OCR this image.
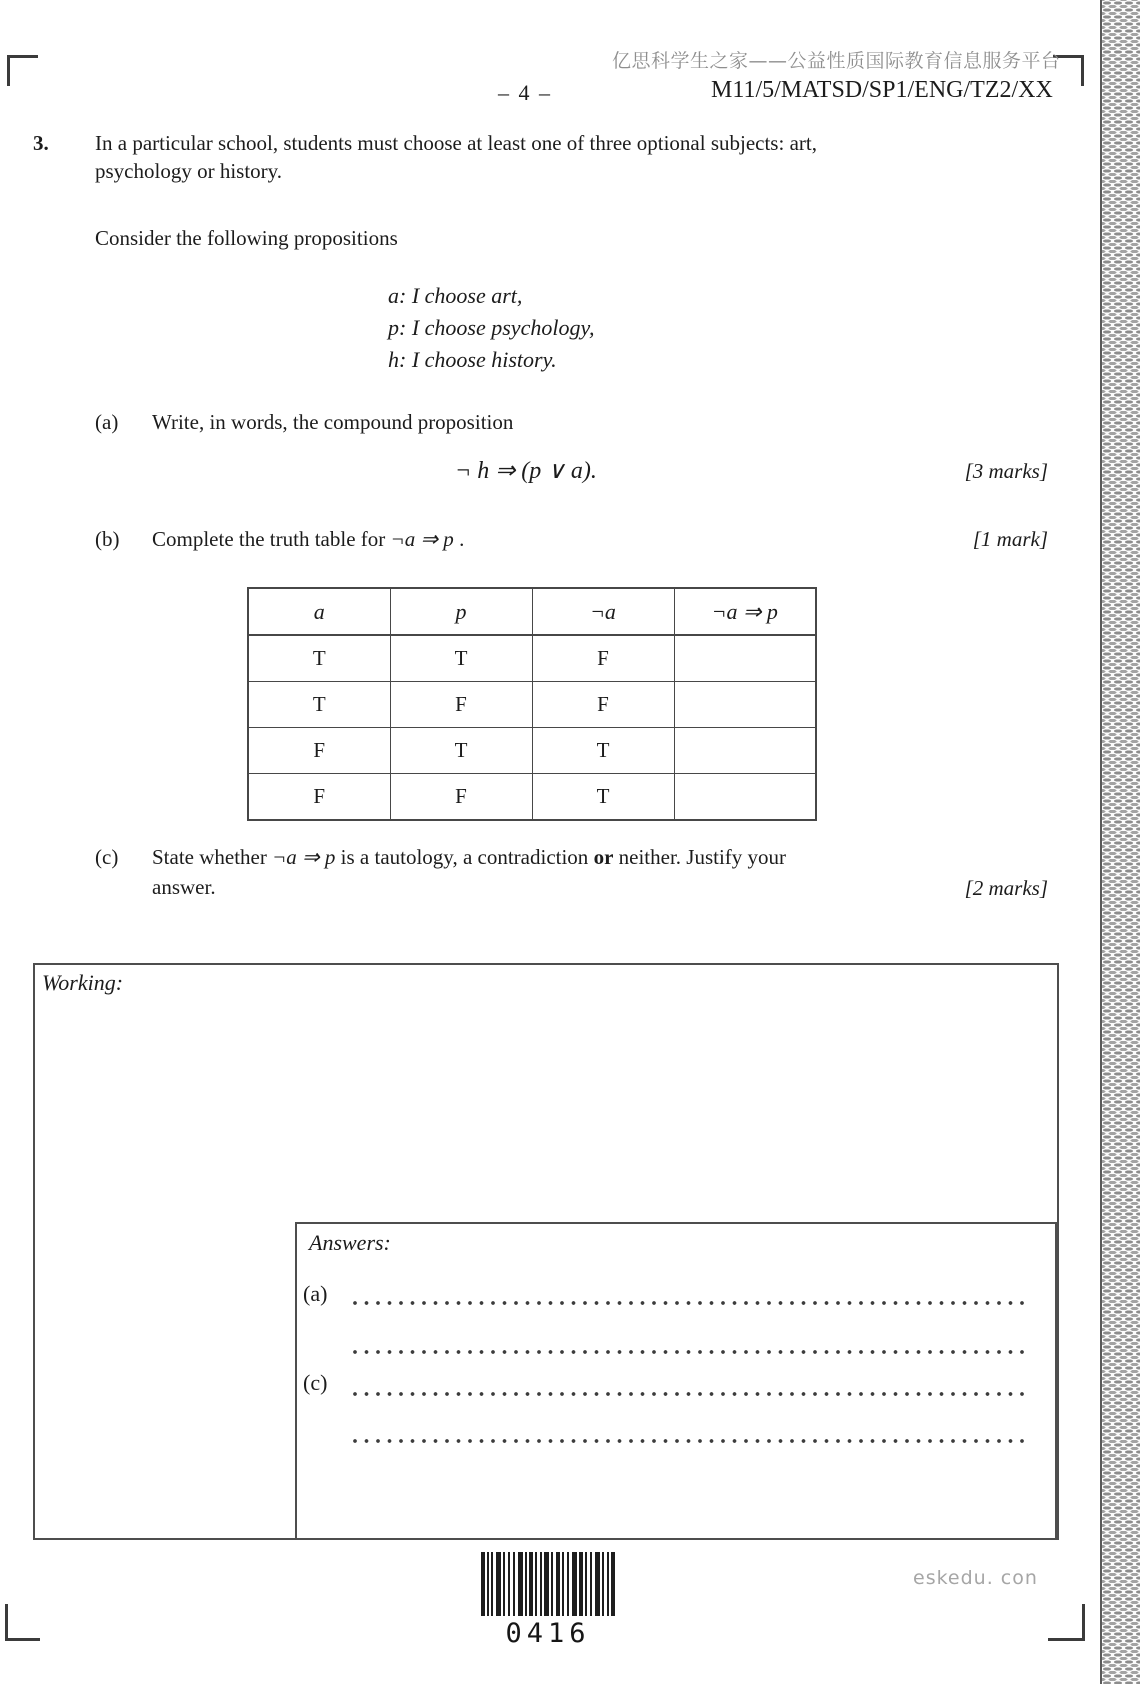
亿思科学生之家——公益性质国际教育信息服务平台
– 4 –	M11/5/MATSD/SP1/ENG/TZ2/XX
3. In a particular school, students must choose at least one of three optional subjects: art,
psychology or history.
Consider the following propositions
a: I choose art,
p: I choose psychology,
h: I choose history.
(a) Write, in words, the compound proposition
¬ h ⇒ (p ∨ a).	[3 marks]
(b) Complete the truth table for ¬a ⇒ p .	[1 mark]
a	p	¬a	¬a ⇒ p
T	T	F	
T	F	F	
F	T	T	
F	F	T	
(c) State whether ¬a ⇒ p is a tautology, a contradiction or neither. Justify your
answer.	[2 marks]
Working:
Answers:
(a)
(c)
0416
eskedu. con
